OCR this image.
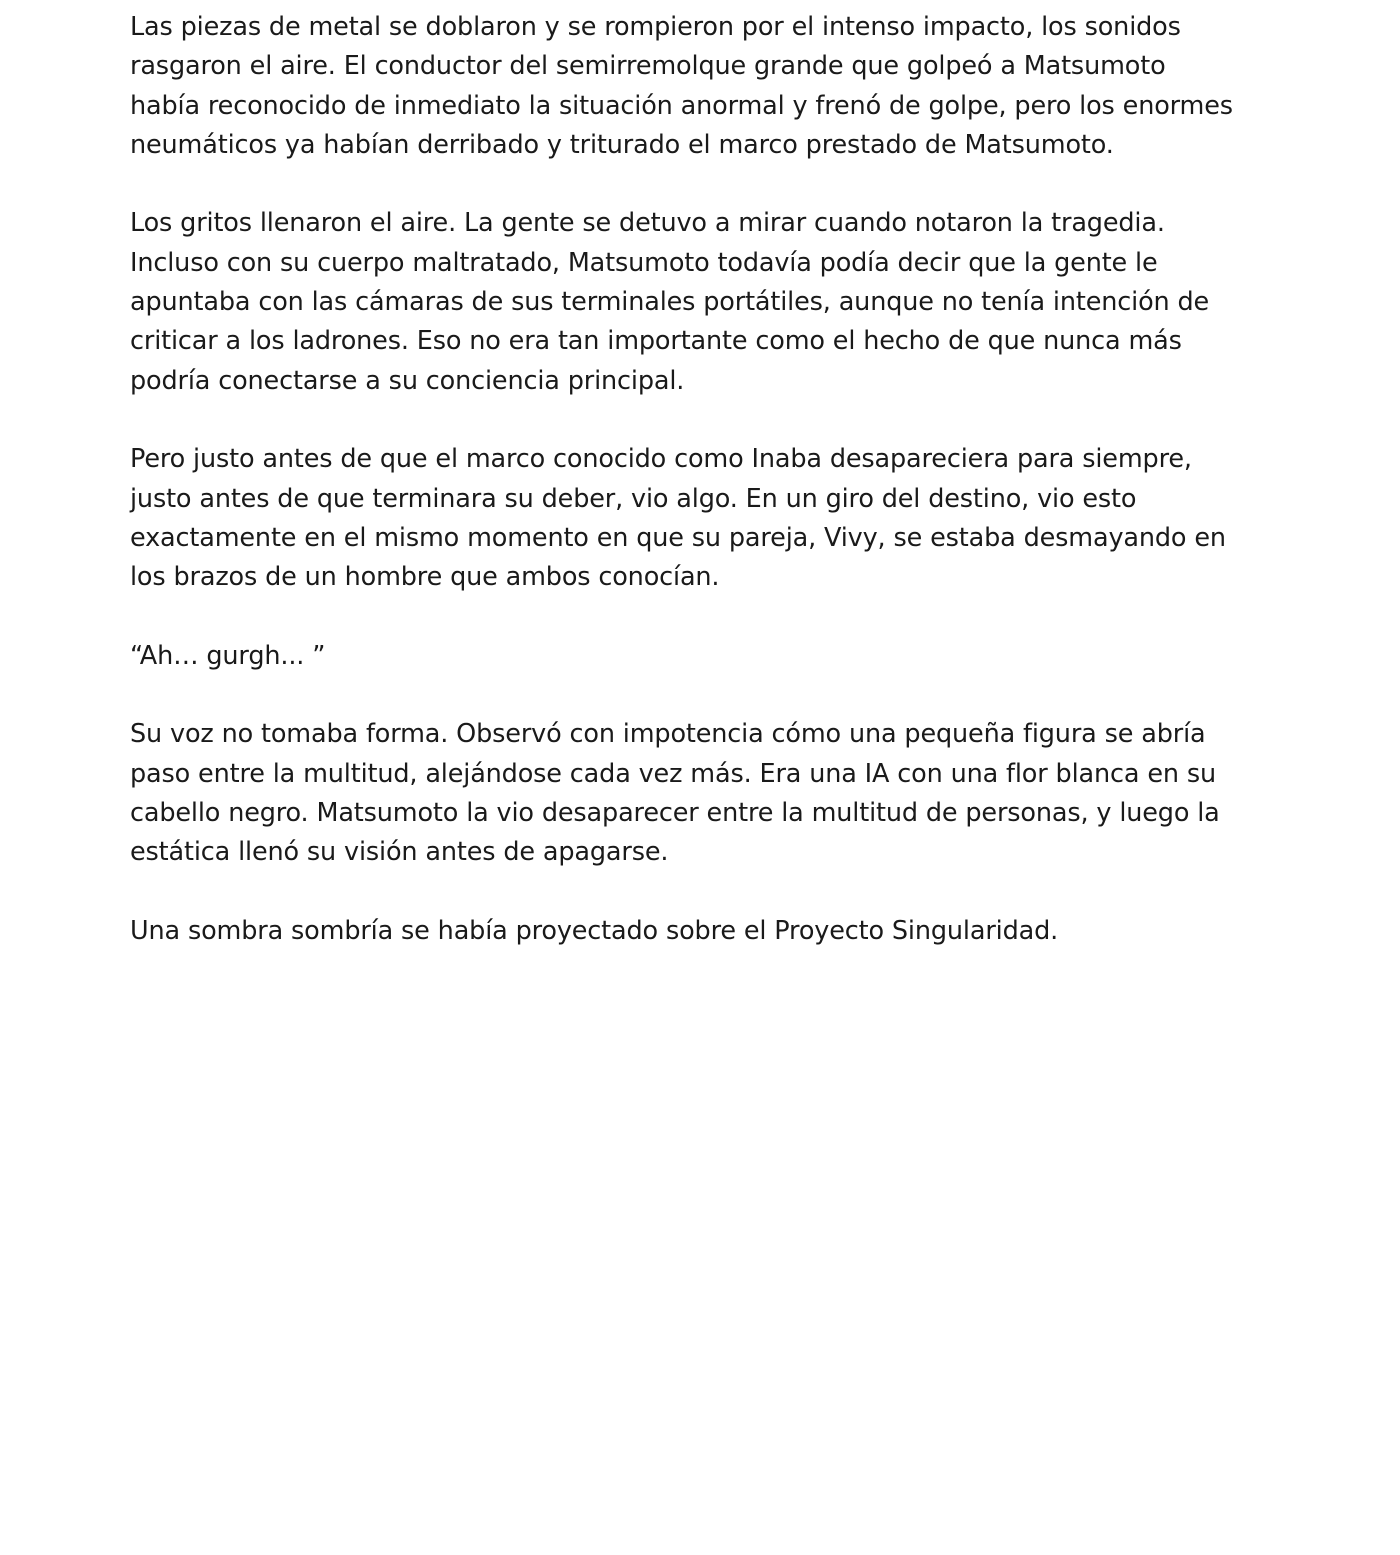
Las piezas de metal se doblaron y se rompieron por el intenso impacto, los sonidos
rasgaron el aire. El conductor del semirremolque grande que golpeó a Matsumoto
había reconocido de inmediato la situación anormal y frenó de golpe, pero los enormes
neumáticos ya habían derribado y triturado el marco prestado de Matsumoto.

Los gritos llenaron el aire. La gente se detuvo a mirar cuando notaron la tragedia.
Incluso con su cuerpo maltratado, Matsumoto todavía podía decir que la gente le
apuntaba con las cámaras de sus terminales portátiles, aunque no tenía intención de
criticar a los ladrones. Eso no era tan importante como el hecho de que nunca más
podría conectarse a su conciencia principal.

Pero justo antes de que el marco conocido como Inaba desapareciera para siempre,
justo antes de que terminara su deber, vio algo. En un giro del destino, vio esto
exactamente en el mismo momento en que su pareja, Vivy, se estaba desmayando en
los brazos de un hombre que ambos conocían.

“Ah… gurgh... ”

Su voz no tomaba forma. Observó con impotencia cómo una pequeña figura se abría
paso entre la multitud, alejándose cada vez más. Era una IA con una flor blanca en su
cabello negro. Matsumoto la vio desaparecer entre la multitud de personas, y luego la
estática llenó su visión antes de apagarse.

Una sombra sombría se había proyectado sobre el Proyecto Singularidad.
